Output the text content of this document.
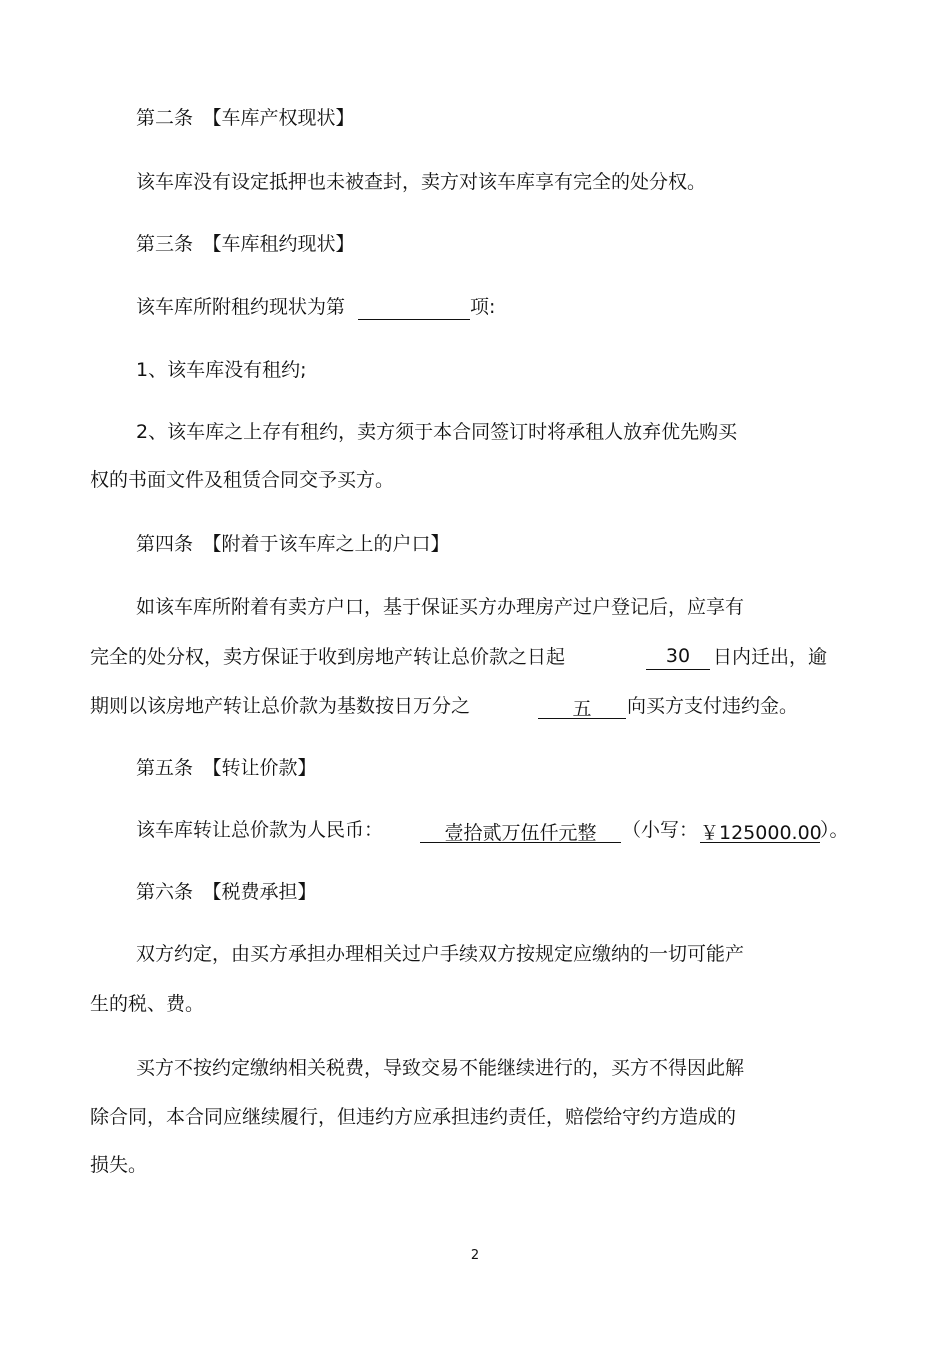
第二条　【车库产权现状】
该车库没有设定抵押也未被查封，卖方对该车库享有完全的处分权。
第三条　【车库租约现状】
该车库所附租约现状为第	项:
1、该车库没有租约;
2、该车库之上存有租约，卖方须于本合同签订时将承租人放弃优先购买
权的书面文件及租赁合同交予买方。
第四条　【附着于该车库之上的户口】
如该车库所附着有卖方户口，基于保证买方办理房产过户登记后，应享有
完全的处分权，卖方保证于收到房地产转让总价款之日起	30	日内迁出，逾
期则以该房地产转让总价款为基数按日万分之	五	向买方支付违约金。
第五条　【转让价款】
该车库转让总价款为人民币：	壹拾贰万伍仟元整	（小写： ￥125000.00
）。
第六条　【税费承担】
双方约定，由买方承担办理相关过户手续双方按规定应缴纳的一切可能产
生的税、费。
买方不按约定缴纳相关税费，导致交易不能继续进行的，买方不得因此解
除合同，本合同应继续履行，但违约方应承担违约责任，赔偿给守约方造成的
损失。
2
